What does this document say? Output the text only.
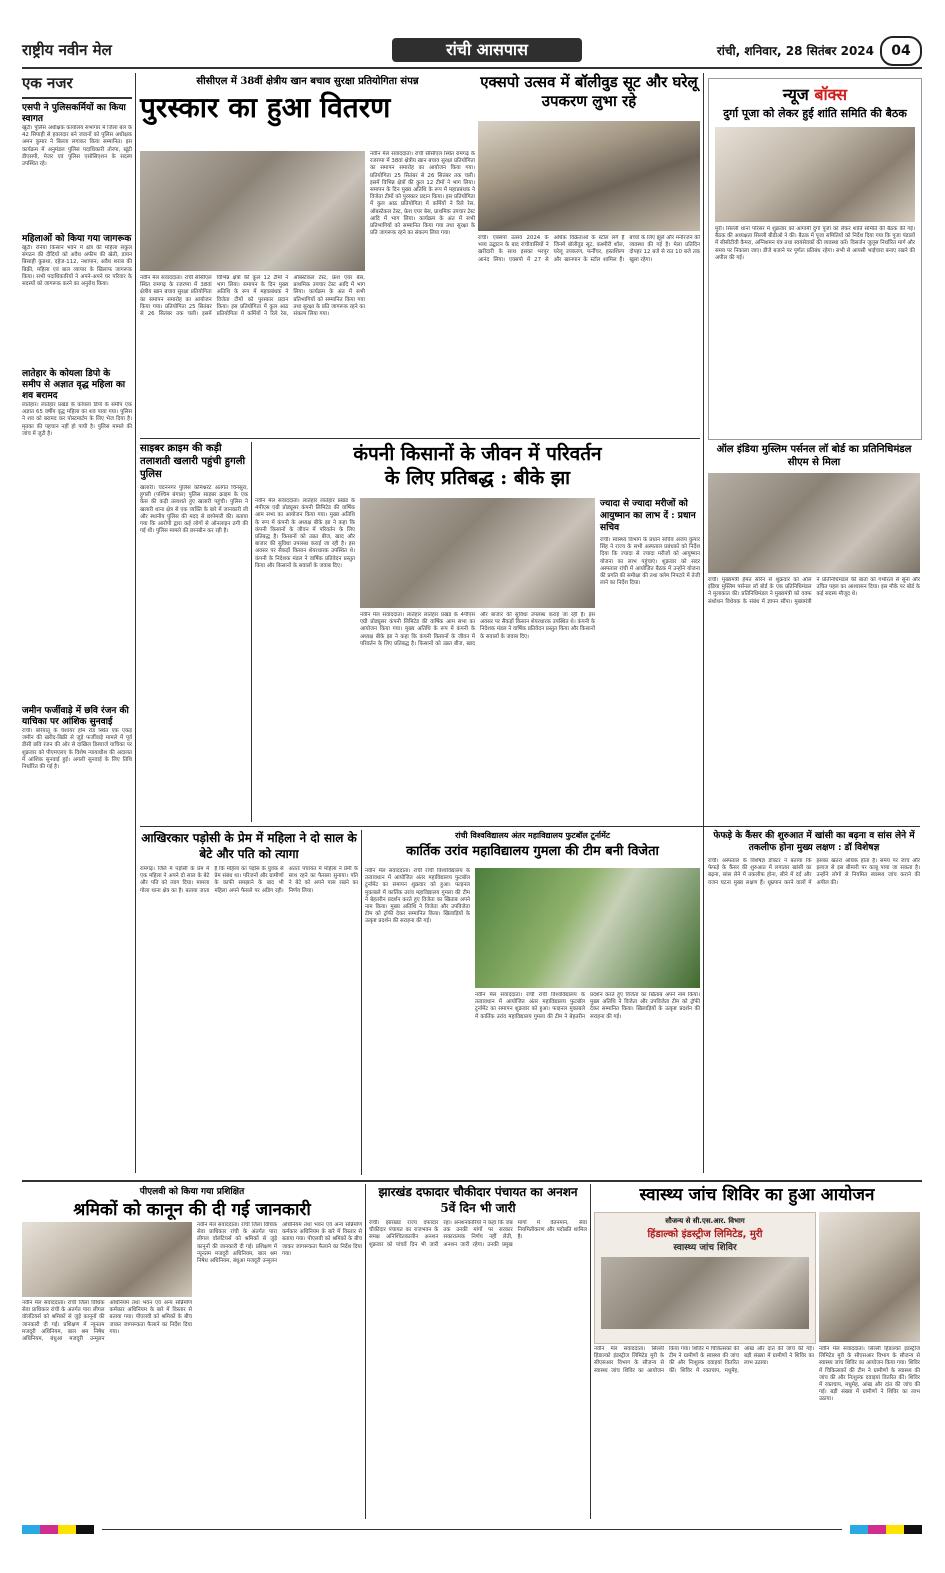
राष्ट्रीय नवीन मेल	रांची आसपास	रांची, शनिवार, 28 सितंबर 2024	04
एक नजर
एसपी ने पुलिसकर्मियों का किया स्वागत
खूंटी। पुलिस अधीक्षक कार्यालय सभागार में जिला बल के 42 सिपाही से हवलदार बने जवानों को पुलिस अधीक्षक अमन कुमार ने बिल्ला लगाकर किया सम्मानित। इस कार्यक्रम में अनुमंडल पुलिस पदाधिकारी तोरपा, खूंटी डीएसपी, मेजर एवं पुलिस एसोसिएशन के सदस्य उपस्थित रहे।
महिलाओं को किया गया जागरूक
खूंटी। रनिया किसान भवन में क्षेत्र की महिला संकुल संगठन की दीदियों को अवैध अफीम की खेती, डायन बिसाही कुप्रथा, दहेज-112, नशापान, अवैध शराब की बिक्री, महिला एवं बाल व्यापार के खिलाफ जागरूक किया। सभी पदाधिकारियों ने अपने-अपने घर परिवार के सदस्यों को जागरूक करने का अनुरोध किया।
लातेहार के कोयला डिपो के समीप से अज्ञात वृद्ध महिला का शव बरामद
लातेहार। लातेहार प्रखंड के कोयला डिपो के समीप एक अज्ञात 65 वर्षीय वृद्ध महिला का शव पाया गया। पुलिस ने शव को बरामद कर पोस्टमार्टम के लिए भेज दिया है। मृतका की पहचान नहीं हो पायी है। पुलिस मामले की जांच में जुटी है।
जमीन फर्जीवाड़े में छवि रंजन की याचिका पर आंशिक सुनवाई
रांची। बरियातू के चेशायर होम रोड स्थित एक एकड़ जमीन की खरीद-बिक्री से जुड़े फर्जीवाड़े मामले में पूर्व डीसी छवि रंजन की ओर से दाखिल डिस्चार्ज याचिका पर शुक्रवार को पीएमएलए के विशेष न्यायाधीश की अदालत में आंशिक सुनवाई हुई। अगली सुनवाई के लिए तिथि निर्धारित की गई है।
सीसीएल में 38वीं क्षेत्रीय खान बचाव सुरक्षा प्रतियोगिता संपन्न
पुरस्कार का हुआ वितरण
नवीन मेल संवाददाता। रांची सीसीएल स्थित रामगढ़ के रजरप्पा में 38वां क्षेत्रीय खान बचाव सुरक्षा प्रतियोगिता का समापन समारोह का आयोजन किया गया। प्रतियोगिता 25 सितंबर से 26 सितंबर तक चली। इसमें विभिन्न क्षेत्रों की कुल 12 टीमों ने भाग लिया। समापन के दिन मुख्य अतिथि के रूप में महाप्रबंधक ने विजेता टीमों को पुरस्कार प्रदान किया। इस प्रतियोगिता में कुल आठ प्रतियोगिता में कर्मियों ने रिले रेस, ऑबस्टेकल टेस्ट, फ्रेश एयर बेस, प्राथमिक उपचार टेस्ट आदि में भाग लिया। कार्यक्रम के अंत में सभी प्रतिभागियों को सम्मानित किया गया तथा सुरक्षा के प्रति जागरूक रहने का संकल्प लिया गया।
नवीन मेल संवाददाता। रांची सीसीएल स्थित रामगढ़ के रजरप्पा में 38वां क्षेत्रीय खान बचाव सुरक्षा प्रतियोगिता का समापन समारोह का आयोजन किया गया। प्रतियोगिता 25 सितंबर से 26 सितंबर तक चली। इसमें विभिन्न क्षेत्रों की कुल 12 टीमों ने भाग लिया। समापन के दिन मुख्य अतिथि के रूप में महाप्रबंधक ने विजेता टीमों को पुरस्कार प्रदान किया। इस प्रतियोगिता में कुल आठ प्रतियोगिता में कर्मियों ने रिले रेस, ऑबस्टेकल टेस्ट, फ्रेश एयर बेस, प्राथमिक उपचार टेस्ट आदि में भाग लिया। कार्यक्रम के अंत में सभी प्रतिभागियों को सम्मानित किया गया तथा सुरक्षा के प्रति जागरूक रहने का संकल्प लिया गया।
एक्सपो उत्सव में बॉलीवुड सूट और घरेलू उपकरण लुभा रहे
रांची। एक्सपो उत्सव 2024 के भव्य उद्घाटन के बाद रांचीवासियों ने खरीदारी के साथ इसका भरपूर आनंद लिया। एक्सपो में 27 से अधिक विक्रेताओं के स्टॉल लगे हैं जिनमें बॉलीवुड सूट, कश्मीरी शॉल, घरेलू उपकरण, फर्नीचर, हस्तशिल्प और खानपान के स्टॉल शामिल हैं। बच्चों के लिए झूले और मनोरंजन की व्यवस्था की गई है। मेला प्रतिदिन दोपहर 12 बजे से रात 10 बजे तक खुला रहेगा।
न्यूज बॉक्स
दुर्गा पूजा को लेकर हुई शांति समिति की बैठक
मुरी। सिल्ली थाना परिसर में शुक्रवार को आगामी दुर्गा पूजा को लेकर शांति समिति की बैठक की गई। बैठक की अध्यक्षता सिल्ली बीडीओ ने की। बैठक में पूजा समितियों को निर्देश दिया गया कि पूजा पंडालों में सीसीटीवी कैमरा, अग्निशमन यंत्र तथा स्वयंसेवकों की व्यवस्था करें। विसर्जन जुलूस निर्धारित मार्ग और समय पर निकाला जाए। डीजे बजाने पर पूर्णतः प्रतिबंध रहेगा। सभी से आपसी भाईचारा बनाए रखने की अपील की गई।
साइबर क्राइम की कड़ी तलाशती खलारी पहुंची हुगली पुलिस
खलारी। चंदननगर पुलिस कमिश्नरेट अंतर्गत चिनसुरा, हुगली (पश्चिम बंगाल) पुलिस साइबर क्राइम के एक केस की कड़ी तलाशते हुए खलारी पहुंची। पुलिस ने खलारी थाना क्षेत्र से एक व्यक्ति के बारे में जानकारी ली और स्थानीय पुलिस की मदद से छापेमारी की। बताया गया कि आरोपी द्वारा कई लोगों से ऑनलाइन ठगी की गई थी। पुलिस मामले की छानबीन कर रही है।
कंपनी किसानों के जीवन में परिवर्तन
के लिए प्रतिबद्ध : बीके झा
नवीन मेल संवाददाता। लातेहार लातेहार प्रखंड के 4पीएस एग्री प्रोड्यूसर कंपनी लिमिटेड की वार्षिक आम सभा का आयोजन किया गया। मुख्य अतिथि के रूप में कंपनी के अध्यक्ष बीके झा ने कहा कि कंपनी किसानों के जीवन में परिवर्तन के लिए प्रतिबद्ध है। किसानों को उन्नत बीज, खाद और बाजार की सुविधा उपलब्ध कराई जा रही है। इस अवसर पर सैकड़ों किसान शेयरधारक उपस्थित थे। कंपनी के निदेशक मंडल ने वार्षिक प्रतिवेदन प्रस्तुत किया और किसानों के सवालों के जवाब दिए।
नवीन मेल संवाददाता। लातेहार लातेहार प्रखंड के 4पीएस एग्री प्रोड्यूसर कंपनी लिमिटेड की वार्षिक आम सभा का आयोजन किया गया। मुख्य अतिथि के रूप में कंपनी के अध्यक्ष बीके झा ने कहा कि कंपनी किसानों के जीवन में परिवर्तन के लिए प्रतिबद्ध है। किसानों को उन्नत बीज, खाद और बाजार की सुविधा उपलब्ध कराई जा रही है। इस अवसर पर सैकड़ों किसान शेयरधारक उपस्थित थे। कंपनी के निदेशक मंडल ने वार्षिक प्रतिवेदन प्रस्तुत किया और किसानों के सवालों के जवाब दिए।
ज्यादा से ज्यादा मरीजों को आयुष्मान का लाभ दें : प्रधान सचिव
रांची। स्वास्थ्य विभाग के प्रधान सचिव अजय कुमार सिंह ने राज्य के सभी अस्पताल प्रबंधकों को निर्देश दिया कि ज्यादा से ज्यादा मरीजों को आयुष्मान योजना का लाभ पहुंचाएं। शुक्रवार को सदर अस्पताल रांची में आयोजित बैठक में उन्होंने योजना की प्रगति की समीक्षा की तथा क्लेम निपटारे में तेजी लाने का निर्देश दिया।
ऑल इंडिया मुस्लिम पर्सनल लॉ बोर्ड का प्रतिनिधिमंडल सीएम से मिला
रांची। मुख्यमंत्री हेमंत सोरेन से शुक्रवार को ऑल इंडिया मुस्लिम पर्सनल लॉ बोर्ड के एक प्रतिनिधिमंडल ने मुलाकात की। प्रतिनिधिमंडल ने मुख्यमंत्री को वक्फ संशोधन विधेयक के संबंध में ज्ञापन सौंपा। मुख्यमंत्री ने प्रतिनिधिमंडल की बातों को गंभीरता से सुना और उचित पहल का आश्वासन दिया। इस मौके पर बोर्ड के कई सदस्य मौजूद थे।
आखिरकार पड़ोसी के प्रेम में महिला ने दो साल के बेटे और पति को त्यागा
रामगढ़। जिले में पड़ोसी के प्रेम में एक महिला ने अपने दो साल के बेटे और पति को त्याग दिया। मामला गोला थाना क्षेत्र का है। बताया जाता है कि महिला का पड़ोस के युवक से प्रेम संबंध था। परिजनों और ग्रामीणों के काफी समझाने के बाद भी महिला अपने फैसले पर अडिग रही। अंततः पंचायत में महिला ने प्रेमी के साथ रहने का फैसला सुनाया। पति ने बेटे को अपने पास रखने का निर्णय लिया।
रांची विश्वविद्यालय अंतर महाविद्यालय फुटबॉल टूर्नामेंट
कार्तिक उरांव महाविद्यालय गुमला की टीम बनी विजेता
नवीन मेल संवाददाता। रांची रांची विश्वविद्यालय के तत्वावधान में आयोजित अंतर महाविद्यालय फुटबॉल टूर्नामेंट का समापन शुक्रवार को हुआ। फाइनल मुकाबले में कार्तिक उरांव महाविद्यालय गुमला की टीम ने बेहतरीन प्रदर्शन करते हुए विजेता का खिताब अपने नाम किया। मुख्य अतिथि ने विजेता और उपविजेता टीम को ट्रॉफी देकर सम्मानित किया। खिलाड़ियों के उत्कृष्ट प्रदर्शन की सराहना की गई।
नवीन मेल संवाददाता। रांची रांची विश्वविद्यालय के तत्वावधान में आयोजित अंतर महाविद्यालय फुटबॉल टूर्नामेंट का समापन शुक्रवार को हुआ। फाइनल मुकाबले में कार्तिक उरांव महाविद्यालय गुमला की टीम ने बेहतरीन प्रदर्शन करते हुए विजेता का खिताब अपने नाम किया। मुख्य अतिथि ने विजेता और उपविजेता टीम को ट्रॉफी देकर सम्मानित किया। खिलाड़ियों के उत्कृष्ट प्रदर्शन की सराहना की गई।
फेफड़े के कैंसर की शुरुआत में खांसी का बढ़ना व सांस लेने में तकलीफ होना मुख्य लक्षण : डॉ विशेषज्ञ
रांची। अस्पताल के विशेषज्ञ डॉक्टर ने बताया कि फेफड़े के कैंसर की शुरुआत में लगातार खांसी का बढ़ना, सांस लेने में तकलीफ होना, सीने में दर्द और वजन घटना मुख्य लक्षण हैं। धूम्रपान करने वालों में इसका खतरा अधिक होता है। समय पर जांच और इलाज से इस बीमारी पर काबू पाया जा सकता है। उन्होंने लोगों से नियमित स्वास्थ्य जांच कराने की अपील की।
पीएलवी को किया गया प्रशिक्षित
श्रमिकों को कानून की दी गई जानकारी
नवीन मेल संवाददाता। रांची जिला विधिक सेवा प्राधिकार रांची के अंतर्गत पारा लीगल वॉलंटियर्स को श्रमिकों से जुड़े कानूनों की जानकारी दी गई। प्रशिक्षण में न्यूनतम मजदूरी अधिनियम, बाल श्रम निषेध अधिनियम, बंधुआ मजदूरी उन्मूलन अधिनियम तथा भवन एवं अन्य सन्निर्माण कर्मकार अधिनियम के बारे में विस्तार से बताया गया। पीएलवी को श्रमिकों के बीच जाकर जागरूकता फैलाने का निर्देश दिया गया।
नवीन मेल संवाददाता। रांची जिला विधिक सेवा प्राधिकार रांची के अंतर्गत पारा लीगल वॉलंटियर्स को श्रमिकों से जुड़े कानूनों की जानकारी दी गई। प्रशिक्षण में न्यूनतम मजदूरी अधिनियम, बाल श्रम निषेध अधिनियम, बंधुआ मजदूरी उन्मूलन अधिनियम तथा भवन एवं अन्य सन्निर्माण कर्मकार अधिनियम के बारे में विस्तार से बताया गया। पीएलवी को श्रमिकों के बीच जाकर जागरूकता फैलाने का निर्देश दिया गया।
झारखंड दफादार चौकीदार पंचायत का अनशन 5वें दिन भी जारी
रांची। झारखंड राज्य दफादार चौकीदार पंचायत का राजभवन के समक्ष अनिश्चितकालीन अनशन शुक्रवार को पांचवें दिन भी जारी रहा। अनशनकारियों ने कहा कि जब तक उनकी मांगों पर सरकार सकारात्मक निर्णय नहीं लेती, अनशन जारी रहेगा। उनकी प्रमुख मांगों में वेतनमान, सेवा नियमितीकरण और पदोन्नति शामिल है।
स्वास्थ्य जांच शिविर का हुआ आयोजन
सौजन्य से सी.एस.आर. विभाग
हिंडाल्को इंडस्ट्रीज लिमिटेड, मुरी
स्वास्थ्य जांच शिविर
नवीन मेल संवाददाता। सिल्ली हिंडाल्को इंडस्ट्रीज लिमिटेड मुरी के सीएसआर विभाग के सौजन्य से स्वास्थ्य जांच शिविर का आयोजन किया गया। शिविर में चिकित्सकों की टीम ने ग्रामीणों के स्वास्थ्य की जांच की और निःशुल्क दवाइयां वितरित कीं। शिविर में रक्तचाप, मधुमेह, आंख और दांत की जांच की गई। बड़ी संख्या में ग्रामीणों ने शिविर का लाभ उठाया।
नवीन मेल संवाददाता। सिल्ली हिंडाल्को इंडस्ट्रीज लिमिटेड मुरी के सीएसआर विभाग के सौजन्य से स्वास्थ्य जांच शिविर का आयोजन किया गया। शिविर में चिकित्सकों की टीम ने ग्रामीणों के स्वास्थ्य की जांच की और निःशुल्क दवाइयां वितरित कीं। शिविर में रक्तचाप, मधुमेह, आंख और दांत की जांच की गई। बड़ी संख्या में ग्रामीणों ने शिविर का लाभ उठाया।
